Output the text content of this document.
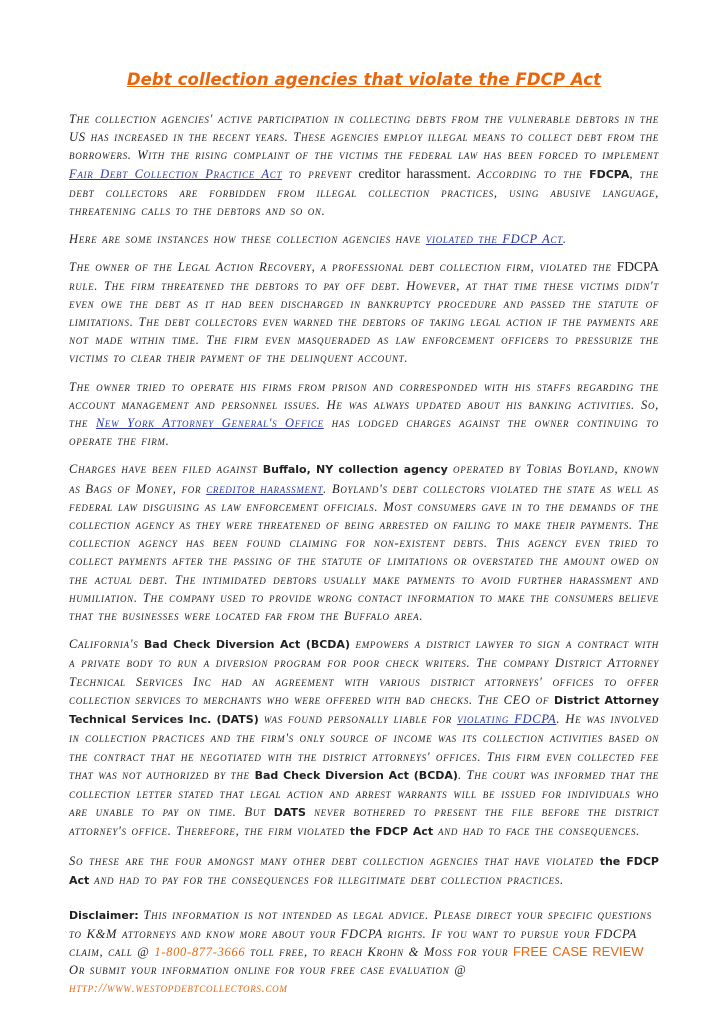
Debt collection agencies that violate the FDCP Act

The collection agencies' active participation in collecting debts from the vulnerable debtors in the US has increased in the recent years. These agencies employ illegal means to collect debt from the borrowers. With the rising complaint of the victims the federal law has been forced to implement Fair Debt Collection Practice Act to prevent creditor harassment. According to the FDCPA, the debt collectors are forbidden from illegal collection practices, using abusive language, threatening calls to the debtors and so on.

Here are some instances how these collection agencies have violated the FDCP Act.

The owner of the Legal Action Recovery, a professional debt collection firm, violated the FDCPA rule. The firm threatened the debtors to pay off debt. However, at that time these victims didn't even owe the debt as it had been discharged in bankruptcy procedure and passed the statute of limitations. The debt collectors even warned the debtors of taking legal action if the payments are not made within time. The firm even masqueraded as law enforcement officers to pressurize the victims to clear their payment of the delinquent account.

The owner tried to operate his firms from prison and corresponded with his staffs regarding the account management and personnel issues. He was always updated about his banking activities. So, the New York Attorney General's Office has lodged charges against the owner continuing to operate the firm.

Charges have been filed against Buffalo, NY collection agency operated by Tobias Boyland, known as Bags of Money, for creditor harassment. Boyland's debt collectors violated the state as well as federal law disguising as law enforcement officials. Most consumers gave in to the demands of the collection agency as they were threatened of being arrested on failing to make their payments. The collection agency has been found claiming for non-existent debts. This agency even tried to collect payments after the passing of the statute of limitations or overstated the amount owed on the actual debt. The intimidated debtors usually make payments to avoid further harassment and humiliation. The company used to provide wrong contact information to make the consumers believe that the businesses were located far from the Buffalo area.

California's Bad Check Diversion Act (BCDA) empowers a district lawyer to sign a contract with a private body to run a diversion program for poor check writers. The company District Attorney Technical Services Inc had an agreement with various district attorneys' offices to offer collection services to merchants who were offered with bad checks. The CEO of District Attorney Technical Services Inc. (DATS) was found personally liable for violating FDCPA. He was involved in collection practices and the firm's only source of income was its collection activities based on the contract that he negotiated with the district attorneys' offices. This firm even collected fee that was not authorized by the Bad Check Diversion Act (BCDA). The court was informed that the collection letter stated that legal action and arrest warrants will be issued for individuals who are unable to pay on time. But DATS never bothered to present the file before the district attorney's office. Therefore, the firm violated the FDCP Act and had to face the consequences.

So these are the four amongst many other debt collection agencies that have violated the FDCP Act and had to pay for the consequences for illegitimate debt collection practices.

Disclaimer: This information is not intended as legal advice. Please direct your specific questions to K&M attorneys and know more about your FDCPA rights. If you want to pursue your FDCPA claim, call @ 1-800-877-3666 toll free, to reach Krohn & Moss for your FREE CASE REVIEW Or submit your information online for your free case evaluation @ http://www.westopdebtcollectors.com
